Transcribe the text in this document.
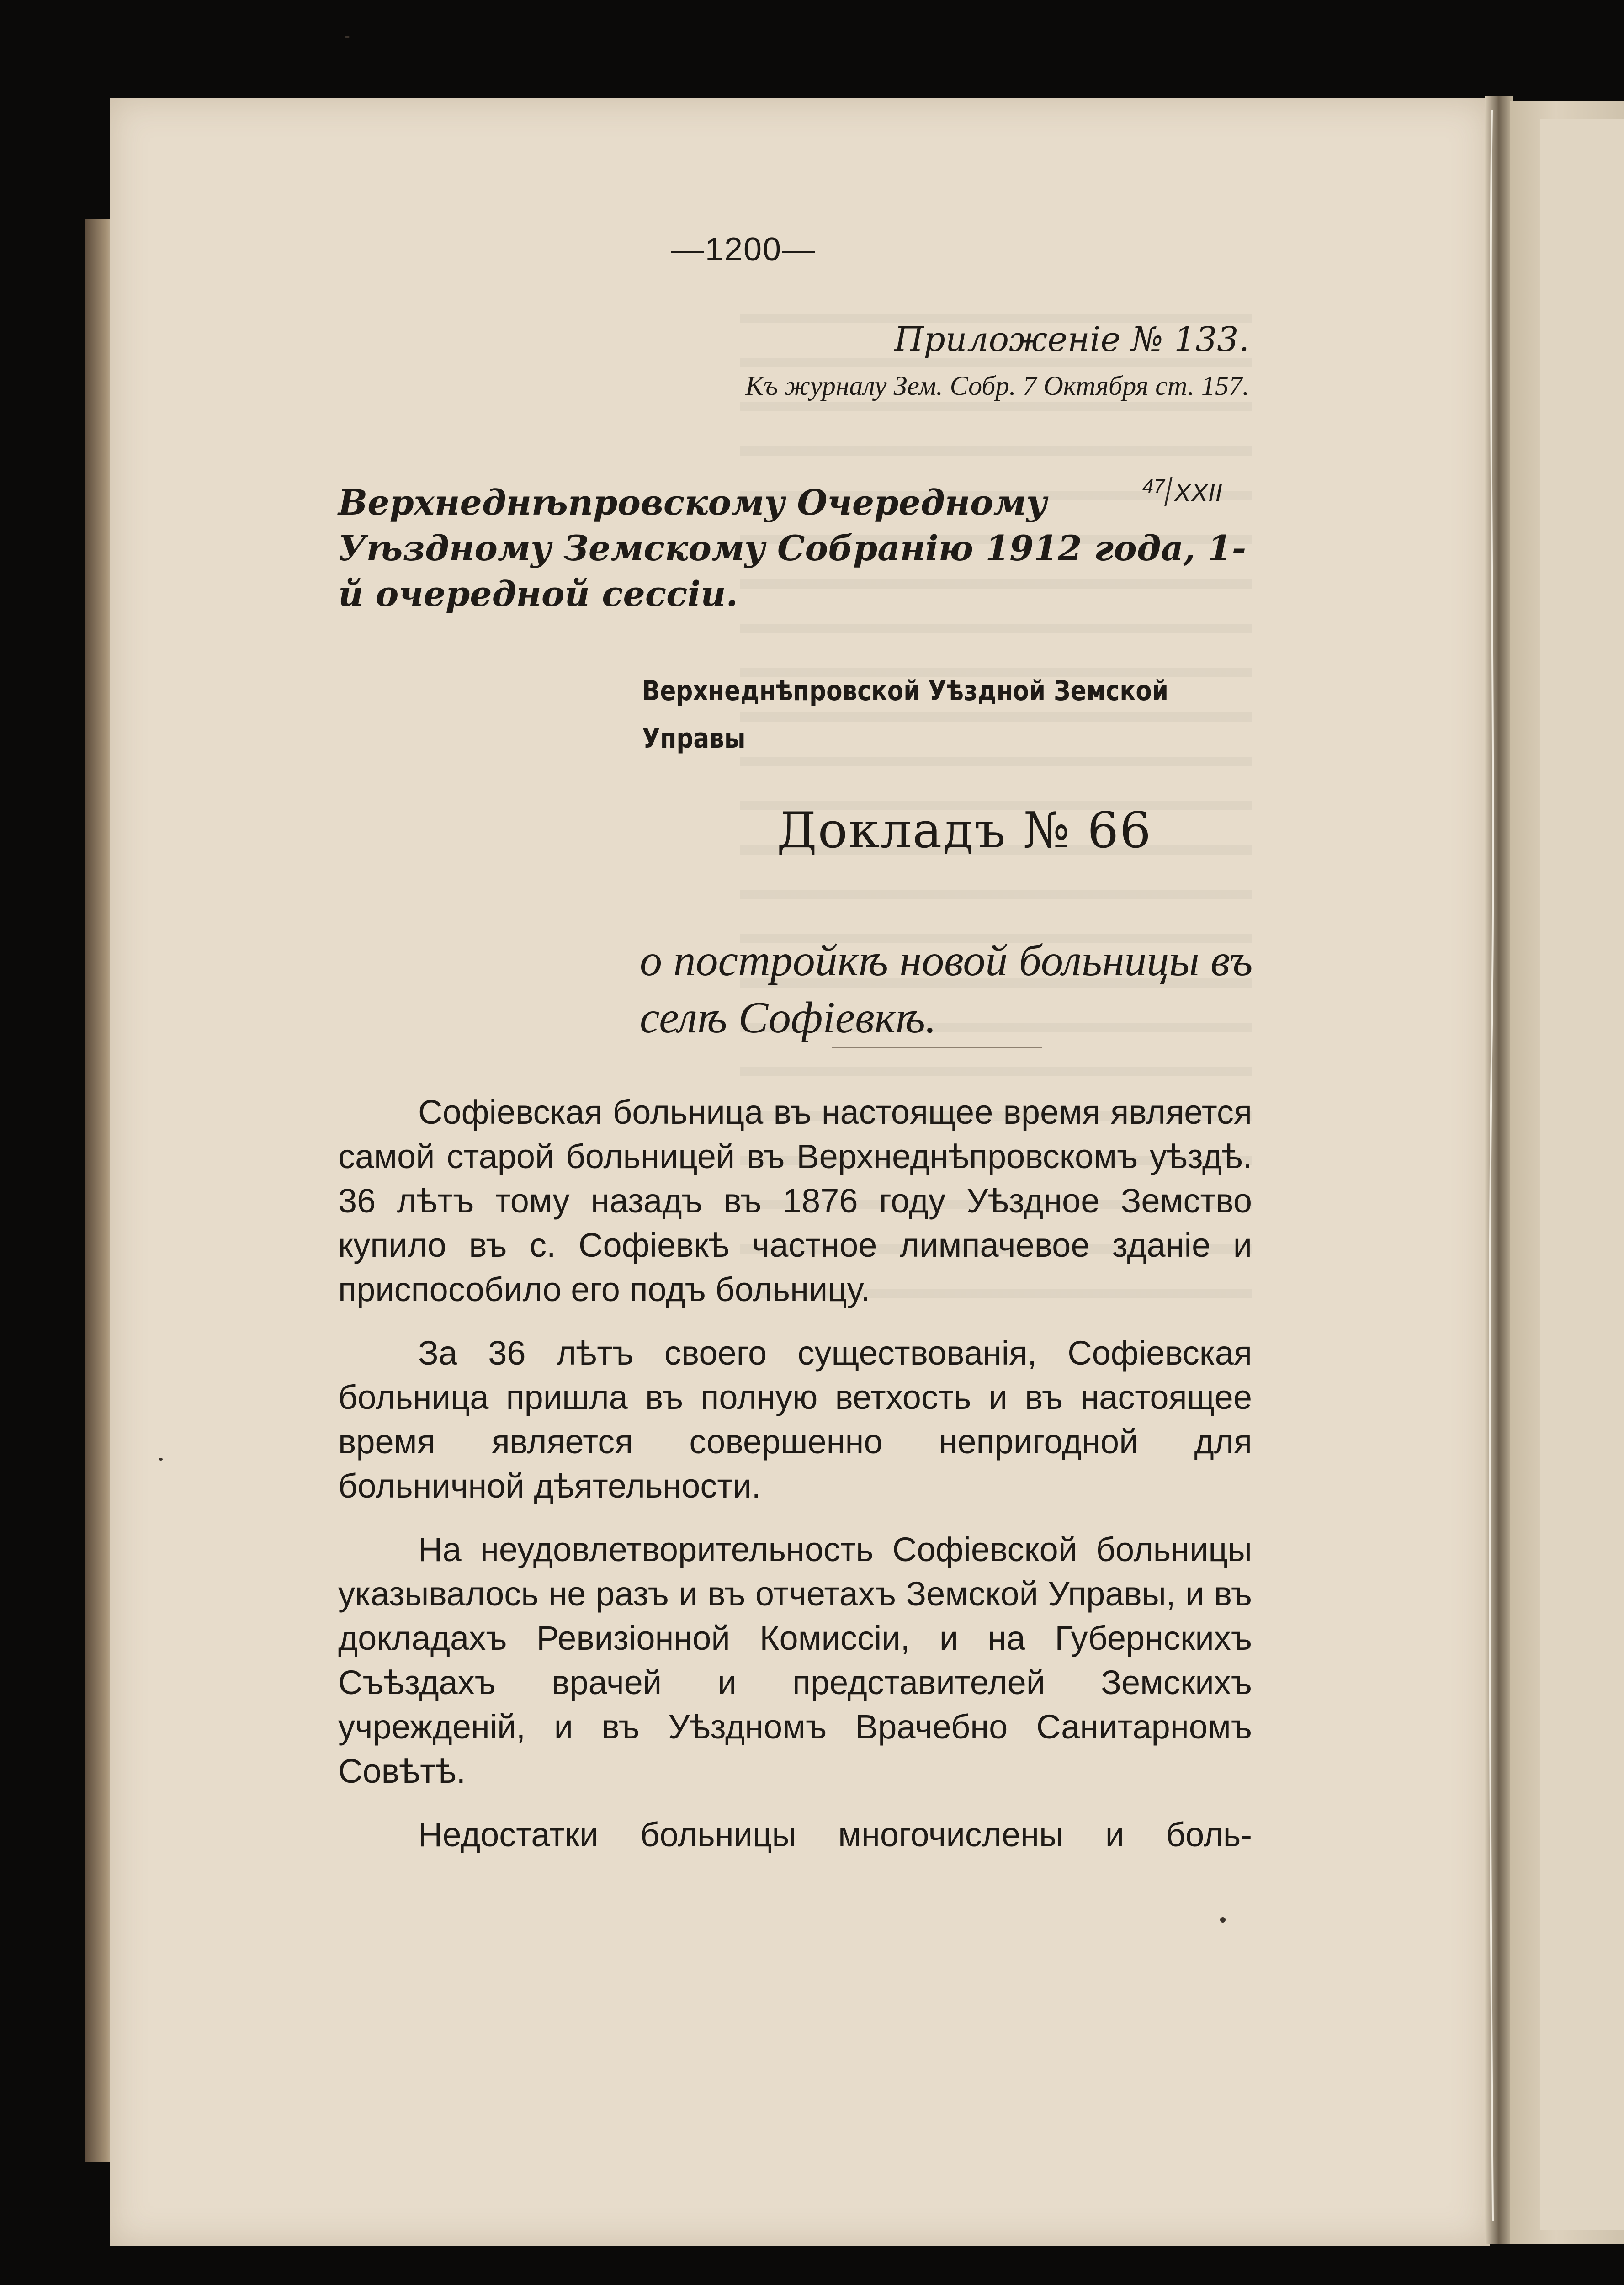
—1200—
Приложенiе № 133.
Къ журналу Зем. Собр. 7 Октября ст. 157.
Верхнеднѣпровскому Очередному Уѣздному Земскому Собранiю 1912 года, 1-й очередной сессiи.
$^{47}$ XXII
Верхнеднѣпровской Уѣздной Земской Управы
Докладъ № 66
о постройкѣ новой больницы въ селѣ Софiевкѣ.

Софiевская больница въ настоящее время является самой старой больницей въ Верхнеднѣпровскомъ уѣздѣ. 36 лѣтъ тому назадъ въ 1876 году Уѣздное Земство купило въ с. Софiевкѣ частное лимпачевое зданiе и приспособило его подъ больницу.

За 36 лѣтъ своего существованiя, Софiевская больница пришла въ полную ветхость и въ настоящее время является совершенно непригодной для больничной дѣятельности.

На неудовлетворительность Софiевской больницы указывалось не разъ и въ отчетахъ Земской Управы, и въ докладахъ Ревизiонной Комиссiи, и на Губернскихъ Съѣздахъ врачей и представителей Земскихъ учрежденiй, и въ Уѣздномъ Врачебно Санитарномъ Совѣтѣ.

Недостатки больницы многочислены и боль-
